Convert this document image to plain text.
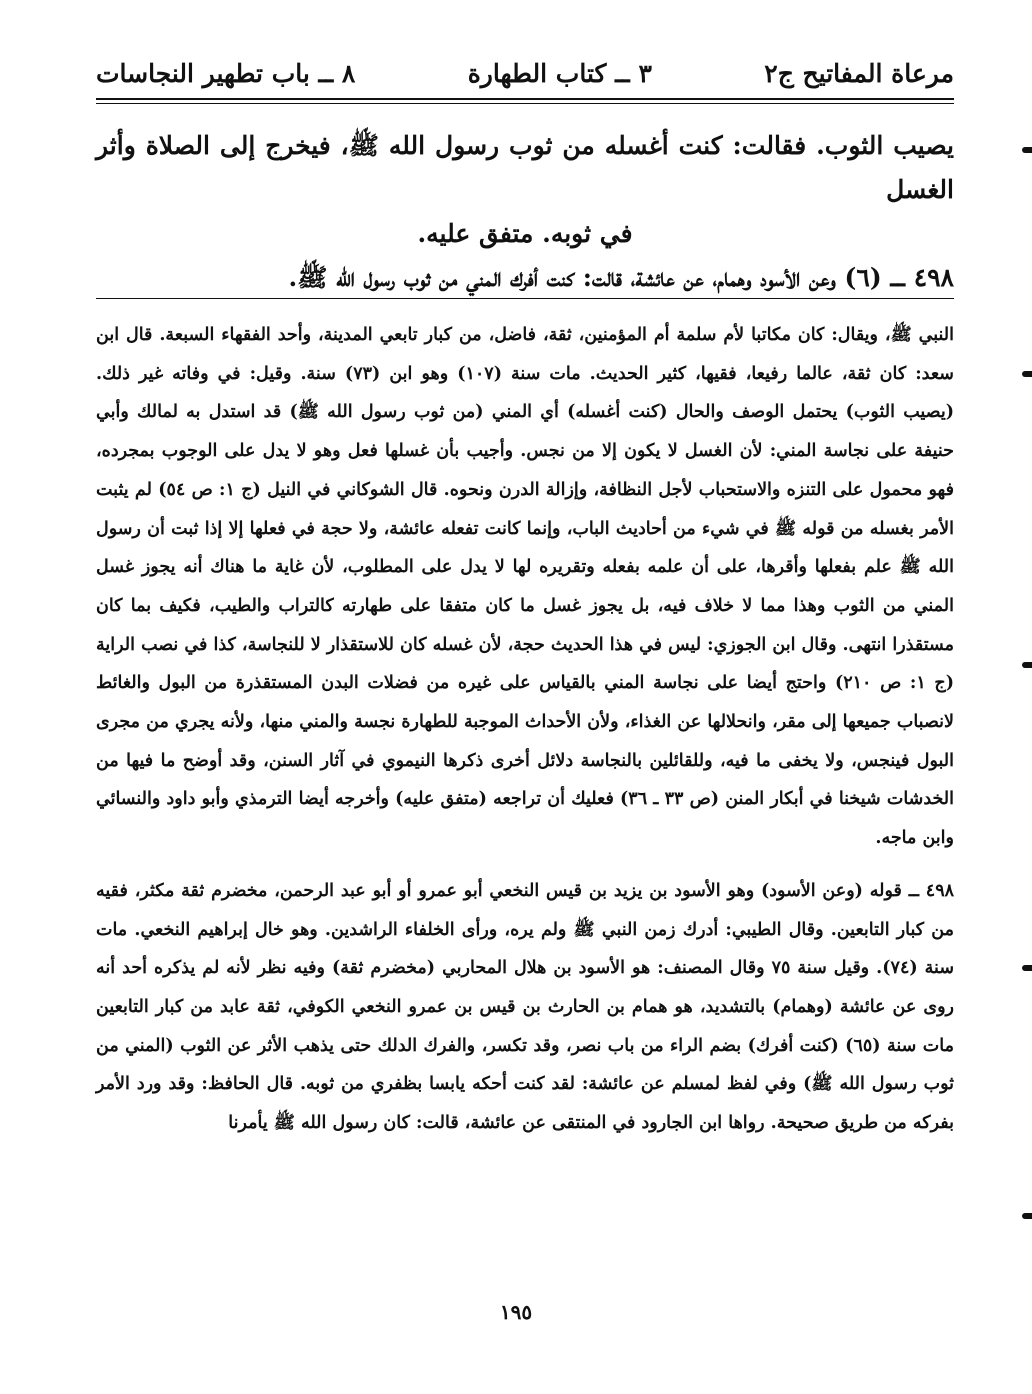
مرعاة المفاتيح ج٢
٣ ــ كتاب الطهارة
٨ ــ باب تطهير النجاسات

يصيب الثوب. فقالت: كنت أغسله من ثوب رسول الله ﷺ، فيخرج إلى الصلاة وأثر الغسل

في ثوبه. متفق عليه.

٤٩٨ ــ (٦) وعن الأسود وهمام، عن عائشة، قالت: كنت أفرك المني من ثوب رسول الله ﷺ.

النبي ﷺ، ويقال: كان مكاتبا لأم سلمة أم المؤمنين، ثقة، فاضل، من كبار تابعي المدينة، وأحد الفقهاء السبعة. قال ابن سعد: كان ثقة، عالما رفيعا، فقيها، كثير الحديث. مات سنة (١٠٧) وهو ابن (٧٣) سنة. وقيل: في وفاته غير ذلك. (يصيب الثوب) يحتمل الوصف والحال (كنت أغسله) أي المني (من ثوب رسول الله ﷺ) قد استدل به لمالك وأبي حنيفة على نجاسة المني: لأن الغسل لا يكون إلا من نجس. وأجيب بأن غسلها فعل وهو لا يدل على الوجوب بمجرده، فهو محمول على التنزه والاستحباب لأجل النظافة، وإزالة الدرن ونحوه. قال الشوكاني في النيل (ج ١: ص ٥٤) لم يثبت الأمر بغسله من قوله ﷺ في شيء من أحاديث الباب، وإنما كانت تفعله عائشة، ولا حجة في فعلها إلا إذا ثبت أن رسول الله ﷺ علم بفعلها وأقرها، على أن علمه بفعله وتقريره لها لا يدل على المطلوب، لأن غاية ما هناك أنه يجوز غسل المني من الثوب وهذا مما لا خلاف فيه، بل يجوز غسل ما كان متفقا على طهارته كالتراب والطيب، فكيف بما كان مستقذرا انتهى. وقال ابن الجوزي: ليس في هذا الحديث حجة، لأن غسله كان للاستقذار لا للنجاسة، كذا في نصب الراية (ج ١: ص ٢١٠) واحتج أيضا على نجاسة المني بالقياس على غيره من فضلات البدن المستقذرة من البول والغائط لانصباب جميعها إلى مقر، وانحلالها عن الغذاء، ولأن الأحداث الموجبة للطهارة نجسة والمني منها، ولأنه يجري من مجرى البول فينجس، ولا يخفى ما فيه، وللقائلين بالنجاسة دلائل أخرى ذكرها النيموي في آثار السنن، وقد أوضح ما فيها من الخدشات شيخنا في أبكار المنن (ص ٣٣ ـ ٣٦) فعليك أن تراجعه (متفق عليه) وأخرجه أيضا الترمذي وأبو داود والنسائي وابن ماجه.

٤٩٨ ــ قوله (وعن الأسود) وهو الأسود بن يزيد بن قيس النخعي أبو عمرو أو أبو عبد الرحمن، مخضرم ثقة مكثر، فقيه من كبار التابعين. وقال الطيبي: أدرك زمن النبي ﷺ ولم يره، ورأى الخلفاء الراشدين. وهو خال إبراهيم النخعي. مات سنة (٧٤). وقيل سنة ٧٥ وقال المصنف: هو الأسود بن هلال المحاربي (مخضرم ثقة) وفيه نظر لأنه لم يذكره أحد أنه روى عن عائشة (وهمام) بالتشديد، هو همام بن الحارث بن قيس بن عمرو النخعي الكوفي، ثقة عابد من كبار التابعين مات سنة (٦٥) (كنت أفرك) بضم الراء من باب نصر، وقد تكسر، والفرك الدلك حتى يذهب الأثر عن الثوب (المني من ثوب رسول الله ﷺ) وفي لفظ لمسلم عن عائشة: لقد كنت أحكه يابسا بظفري من ثوبه. قال الحافظ: وقد ورد الأمر بفركه من طريق صحيحة. رواها ابن الجارود في المنتقى عن عائشة، قالت: كان رسول الله ﷺ يأمرنا

١٩٥
